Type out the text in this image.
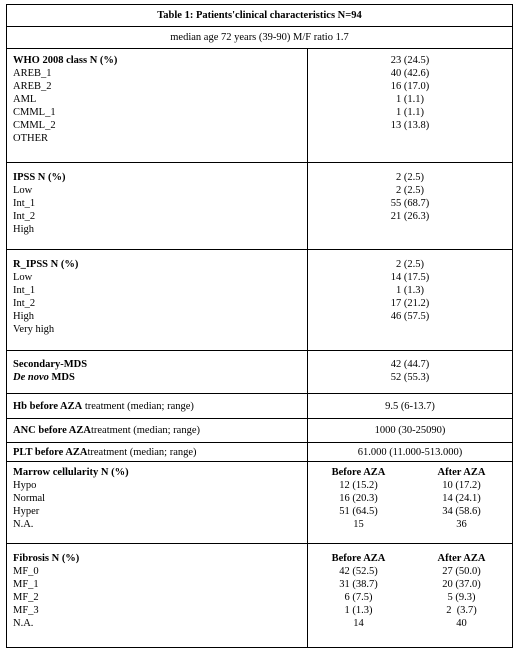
Table 1: Patients'clinical characteristics N=94
median age 72 years (39-90) M/F ratio 1.7
WHO 2008 class N (%)	23 (24.5)
AREB_1	40 (42.6)
AREB_2	16 (17.0)
AML	1 (1.1)
CMML_1	1 (1.1)
CMML_2	13 (13.8)
OTHER
IPSS N (%)	2 (2.5)
Low	2 (2.5)
Int_1	55 (68.7)
Int_2	21 (26.3)
High
R_IPSS N (%)	2 (2.5)
Low	14 (17.5)
Int_1	1 (1.3)
Int_2	17 (21.2)
High	46 (57.5)
Very high
Secondary-MDS	42 (44.7)
De novo MDS	52 (55.3)
Hb before AZA treatment (median; range)	9.5 (6-13.7)
ANC before AZAtreatment (median; range)	1000 (30-25090)
PLT before AZAtreatment (median; range)	61.000 (11.000-513.000)
Marrow cellularity N (%)	Before AZA	After AZA
Hypo	12 (15.2)	10 (17.2)
Normal	16 (20.3)	14 (24.1)
Hyper	51 (64.5)	34 (58.6)
N.A.	15	36
Fibrosis N (%)	Before AZA	After AZA
MF_0	42 (52.5)	27 (50.0)
MF_1	31 (38.7)	20 (37.0)
MF_2	6 (7.5)	5 (9.3)
MF_3	1 (1.3)	2  (3.7)
N.A.	14	40
